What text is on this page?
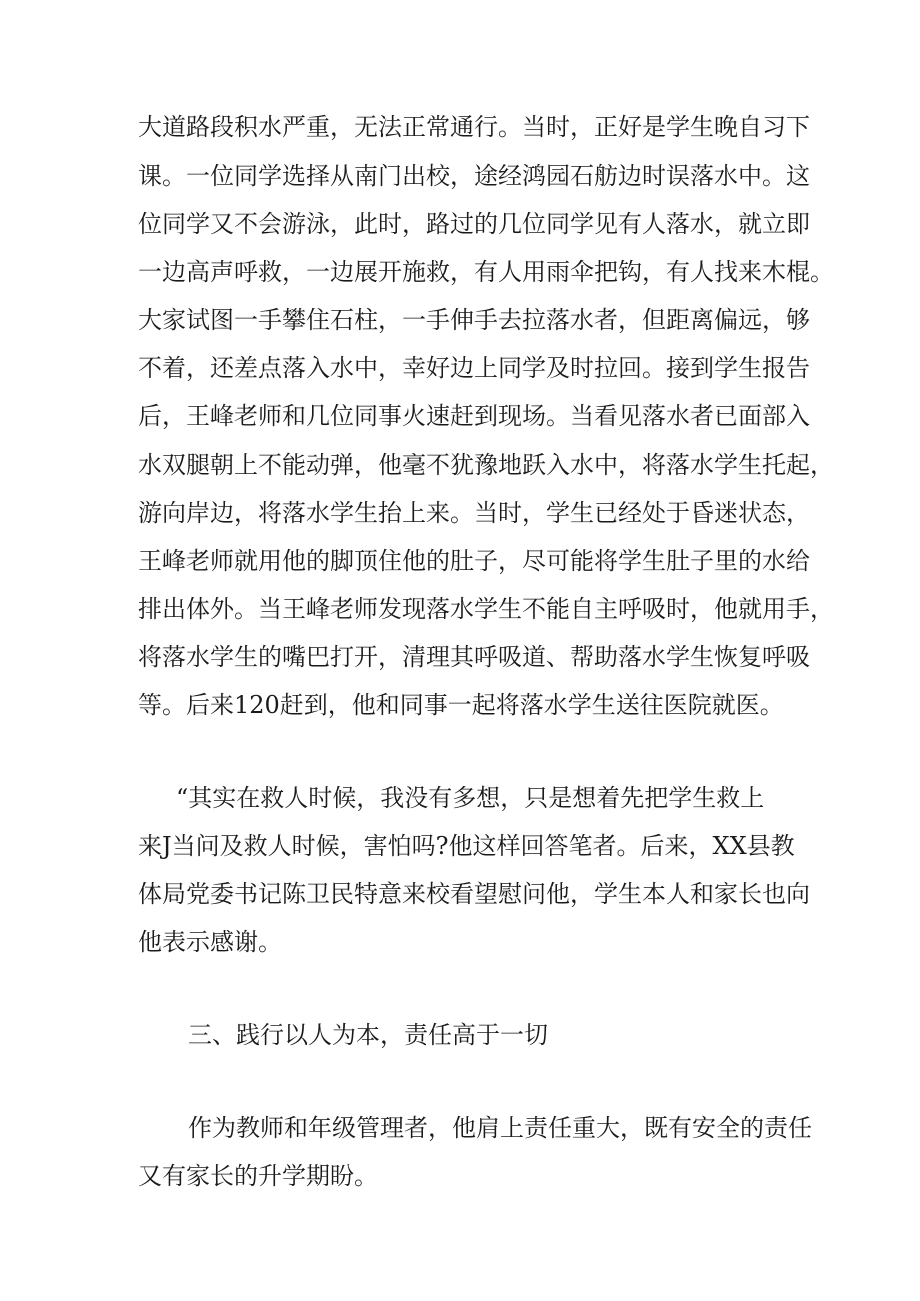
大道路段积水严重，无法正常通行。当时，正好是学生晚自习下
课。一位同学选择从南门出校，途经鸿园石舫边时误落水中。这
位同学又不会游泳，此时，路过的几位同学见有人落水，就立即
一边高声呼救，一边展开施救，有人用雨伞把钩，有人找来木棍。
大家试图一手攀住石柱，一手伸手去拉落水者，但距离偏远，够
不着，还差点落入水中，幸好边上同学及时拉回。接到学生报告
后，王峰老师和几位同事火速赶到现场。当看见落水者已面部入
水双腿朝上不能动弹，他毫不犹豫地跃入水中，将落水学生托起，
游向岸边，将落水学生抬上来。当时，学生已经处于昏迷状态，
王峰老师就用他的脚顶住他的肚子，尽可能将学生肚子里的水给
排出体外。当王峰老师发现落水学生不能自主呼吸时，他就用手，
将落水学生的嘴巴打开，清理其呼吸道、帮助落水学生恢复呼吸
等。后来120赶到，他和同事一起将落水学生送往医院就医。
“其实在救人时候，我没有多想，只是想着先把学生救上
来J当问及救人时候，害怕吗?他这样回答笔者。后来，XX县教
体局党委书记陈卫民特意来校看望慰问他，学生本人和家长也向
他表示感谢。
三、践行以人为本，责任高于一切
作为教师和年级管理者，他肩上责任重大，既有安全的责任
又有家长的升学期盼。
